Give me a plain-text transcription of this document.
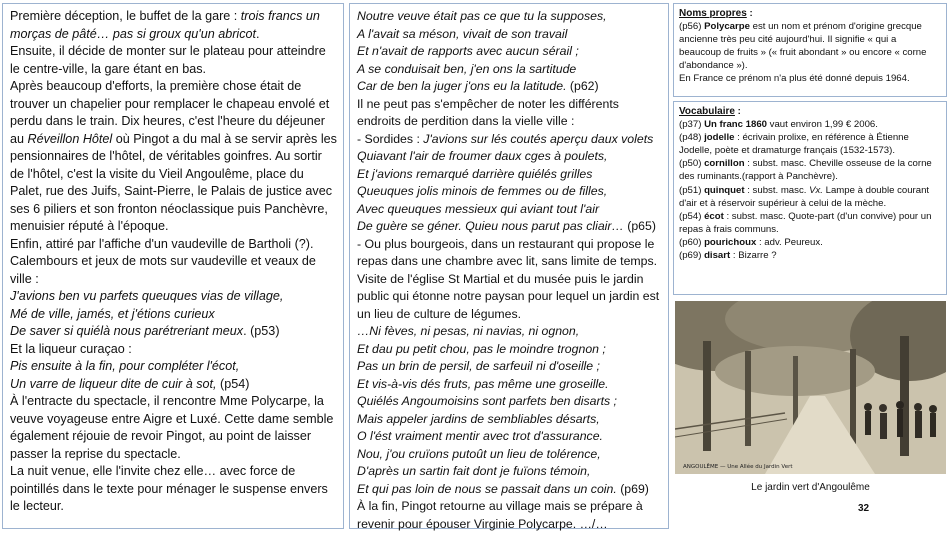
Première déception, le buffet de la gare : trois francs un morças de pâté… pas si groux qu'un abricot.

Ensuite, il décide de monter sur le plateau pour atteindre le centre-ville, la gare étant en bas.

Après beaucoup d'efforts, la première chose était de trouver un chapelier pour remplacer le chapeau envolé et perdu dans le train. Dix heures, c'est l'heure du déjeuner au Réveillon Hôtel où Pingot a du mal à se servir après les pensionnaires de l'hôtel, de véritables goinfres. Au sortir de l'hôtel, c'est la visite du Vieil Angoulême, place du Palet, rue des Juifs, Saint-Pierre, le Palais de justice avec ses 6 piliers et son fronton néoclassique puis Panchèvre, menuisier réputé à l'époque.

Enfin, attiré par l'affiche d'un vaudeville de Bartholi (?). Calembours et jeux de mots sur vaudeville et veaux de ville :

J'avions ben vu parfets queuques vias de village,

Mé de ville, jamés, et j'étions curieux

De saver si quiélà nous parétreriant meux. (p53)

Et la liqueur curaçao :

Pis ensuite à la fin, pour compléter l'écot,

Un varre de liqueur dite de cuir à sot, (p54)

À l'entracte du spectacle, il rencontre Mme Polycarpe, la veuve voyageuse entre Aigre et Luxé. Cette dame semble également réjouie de revoir Pingot, au point de laisser passer la reprise du spectacle.

La nuit venue, elle l'invite chez elle… avec force de pointillés dans le texte pour ménager le suspense envers le lecteur.

Noutre veuve était pas ce que tu la supposes,

A l'avait sa méson, vivait de son travail

Et n'avait de rapports avec aucun sérail ;

A se conduisait ben, j'en ons la sartitude

Car de ben la juger j'ons eu la latitude. (p62)

Il ne peut pas s'empêcher de noter les différents endroits de perdition dans la vielle ville :

- Sordides : J'avions sur lés coutés aperçu daux volets

Quiavant l'air de froumer daux cges à poulets,

Et j'avions remarqué darrière quiélés grilles

Queuques jolis minois de femmes ou de filles,

Avec queuques messieux qui aviant tout l'air

De guère se géner. Quieu nous parut pas cliair… (p65)

- Ou plus bourgeois, dans un restaurant qui propose le repas dans une chambre avec lit, sans limite de temps.

Visite de l'église St Martial et du musée puis le jardin public qui étonne notre paysan pour lequel un jardin est un lieu de culture de légumes.

…Ni fèves, ni pesas, ni navias, ni ognon,

Et dau pu petit chou, pas le moindre trognon ;

Pas un brin de persil, de sarfeuil ni d'oseille ;

Et vis-à-vis dés fruts, pas même une groseille.

Quiélés Angoumoisins sont parfets ben disarts ;

Mais appeler jardins de sembliables désarts,

O l'ést vraiment mentir avec trot d'assurance.

Nou, j'ou cruïons putoût un lieu de tolérence,

D'après un sartin fait dont je fuïons témoin,

Et qui pas loin de nous se passait dans un coin. (p69)

À la fin, Pingot retourne au village mais se prépare à revenir pour épouser Virginie Polycarpe. …/…

Noms propres :

(p56) Polycarpe est un nom et prénom d'origine grecque ancienne très peu cité aujourd'hui. Il signifie « qui a beaucoup de fruits » (« fruit abondant » ou encore « corne d'abondance »).

En France ce prénom n'a plus été donné depuis 1964.

Vocabulaire :

(p37) Un franc 1860 vaut environ 1,99 € 2006.

(p48) jodelle : écrivain prolixe, en référence à Étienne Jodelle, poète et dramaturge français (1532-1573).

(p50) cornillon : subst. masc. Cheville osseuse de la corne des ruminants.(rapport à Panchèvre).

(p51) quinquet : subst. masc. Vx. Lampe à double courant d'air et à réservoir supérieur à celui de la mèche.

(p54) écot : subst. masc. Quote-part (d'un convive) pour un repas à frais communs.

(p60) pourichoux : adv. Peureux.

(p69) disart : Bizarre ?

ANGOULÊME — Une Allée du Jardin Vert
Le jardin vert d'Angoulême
32
